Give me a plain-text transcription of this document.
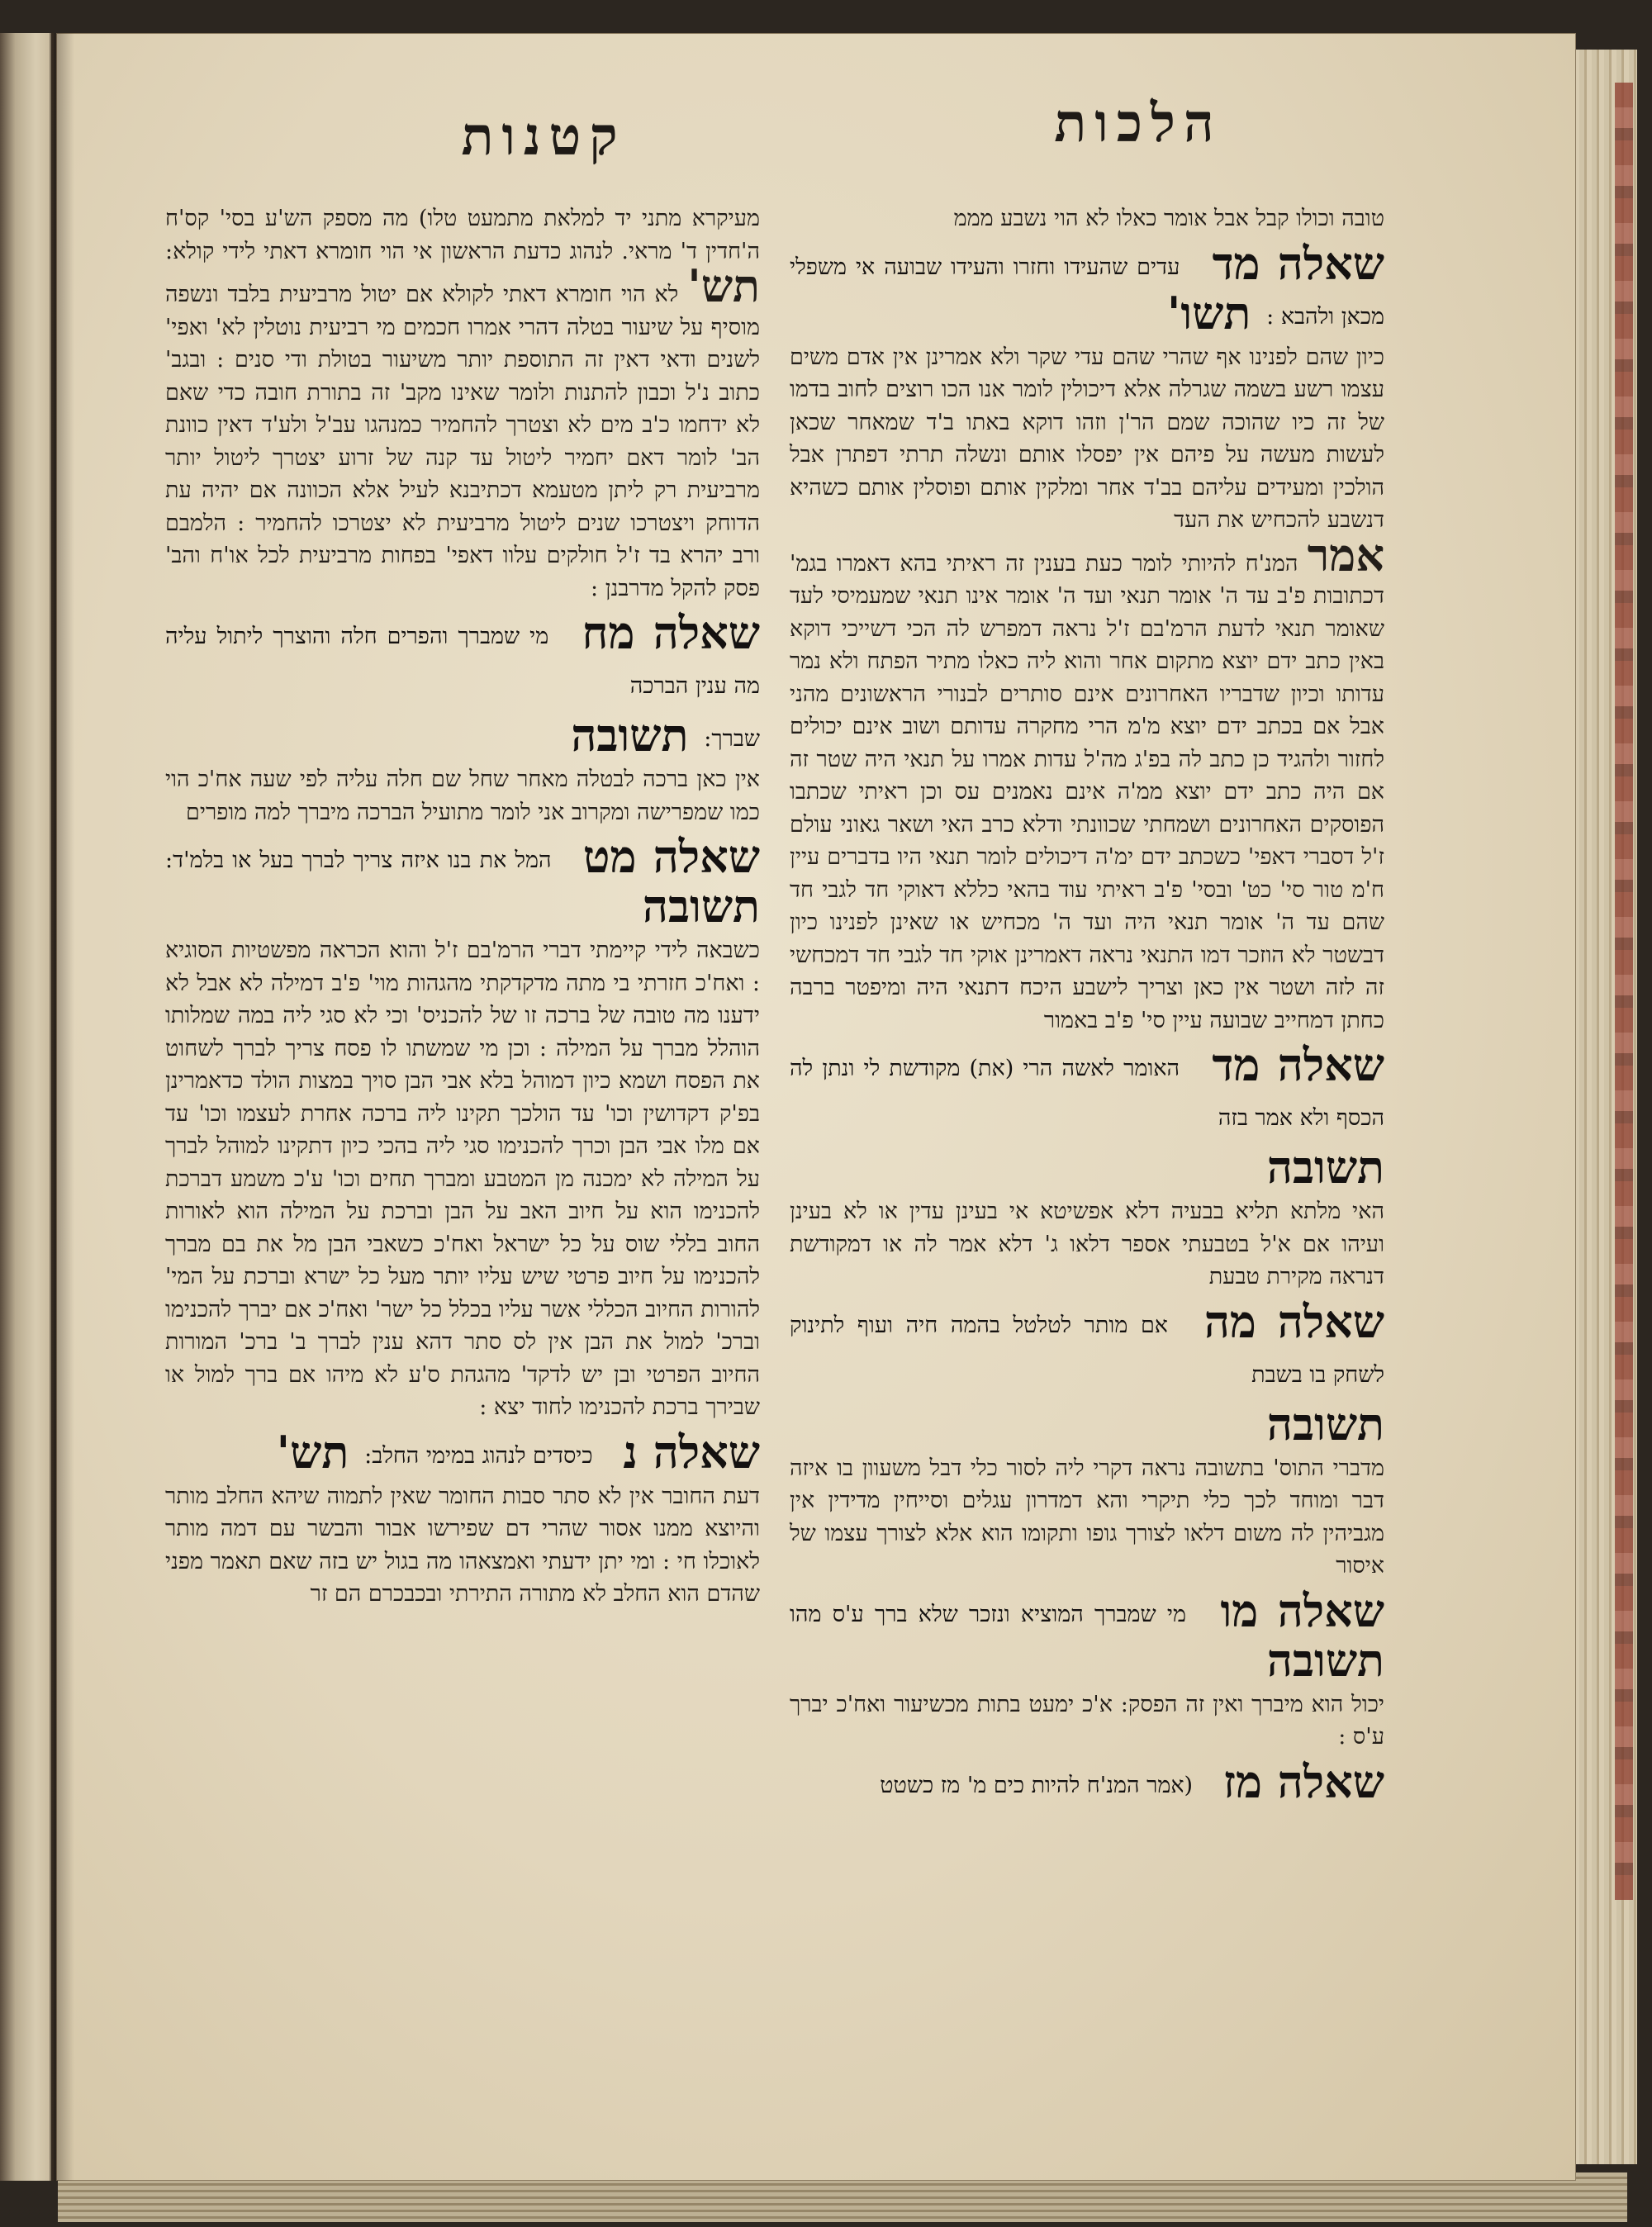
הלכות
קטנות

טובה וכולו קבל אבל אומר כאלו לא הוי נשבע מממ

שאלה מד עדים שהעידו וחזרו והעידו שבועה אי משפלי מכאן ולהבא : תשו'

כיון שהם לפנינו אף שהרי שהם עדי שקר ולא אמרינן אין אדם משים עצמו רשע בשמה שגרלה אלא דיכולין לומר אנו הכו רוצים לחוב בדמו של זה כיו שהוכה שמם הר'ן וזהו דוקא באתו ב'ד שמאחר שכאן לעשות מעשה על פיהם אין יפסלו אותם ונשלה תרתי דפתרן אבל הולכין ומעידים עליהם בב'ד אחר ומלקין אותם ופוסלין אותם כשהיא דנשבע להכחיש את העד

אמר המנ'ח להיותי לומר כעת בענין זה ראיתי בהא דאמרו בגמ' דכתובות פ'ב עד ה' אומר תנאי ועד ה' אומר אינו תנאי שמעמיסי לעד שאומר תנאי לדעת הרמ'בם ז'ל נראה דמפרש לה הכי דשייכי דוקא באין כתב ידם יוצא מתקום אחר והוא ליה כאלו מתיר הפתח ולא נמר עדותו וכיון שדבריו האחרונים אינם סותרים לבנורי הראשונים מהני אבל אם בכתב ידם יוצא מ'מ הרי מחקרה עדותם ושוב אינם יכולים לחזור ולהגיד כן כתב לה בפ'ג מה'ל עדות אמרו על תנאי היה שטר זה אם היה כתב ידם יוצא ממ'ה אינם נאמנים עס וכן ראיתי שכתבו הפוסקים האחרונים ושמחתי שכוונתי ודלא כרב האי ושאר גאוני עולם ז'ל דסברי דאפי' כשכתב ידם ימ'ה דיכולים לומר תנאי היו בדברים עיין ח'מ טור סי' כט' ובסי' פ'ב ראיתי עוד בהאי כללא דאוקי חד לגבי חד שהם עד ה' אומר תנאי היה ועד ה' מכחיש או שאינן לפנינו כיון דבשטר לא הוזכר דמו התנאי נראה דאמרינן אוקי חד לגבי חד דמכחשי זה לזה ושטר אין כאן וצריך לישבע היכח דתנאי היה ומיפטר ברבה כחתן דמחייב שבועה עיין סי' פ'ב באמור

שאלה מד האומר לאשה הרי (את) מקודשת לי ונתן לה הכסף ולא אמר בזה
תשובה

האי מלתא תליא בבעיה דלא אפשיטא אי בעינן עדין או לא בעינן ועיהו אם א'ל בטבעתי אספר דלאו ג' דלא אמר לה או דמקודשת דנראה מקירת טבעת

שאלה מה אם מותר לטלטל בהמה חיה ועוף לתינוק לשחק בו בשבת
תשובה

מדברי התוס' בתשובה נראה דקרי ליה לסור כלי דבל משעוון בו איזה דבר ומוחד לכך כלי תיקרי והא דמדרון עגלים וסייחין מדידין אין מגביהין לה משום דלאו לצורך גופו ותקומו הוא אלא לצורך עצמו של איסור

שאלה מו מי שמברך המוציא ונזכר שלא ברך ע'ס מהו תשובה

יכול הוא מיברך ואין זה הפסק: א'כ ימעט בתות מכשיעור ואח'כ יברך ע'ס :

שאלה מז (אמר המנ'ח להיות כים מ' מז כשטט

מעיקרא מתני יד למלאת מתמעט טלו) מה מספק הש'ע בסי' קס'ח ה'חדין ד' מראי. לנהוג כדעת הראשון אי הוי חומרא דאתי לידי קולא: תש' לא הוי חומרא דאתי לקולא אם יטול מרביעית בלבד ונשפה מוסיף על שיעור בטלה דהרי אמרו חכמים מי רביעית נוטלין לא' ואפי' לשנים ודאי דאין זה התוספת יותר משיעור בטולת ודי סנים : ובגב' כתוב נ'ל וכבון להתנות ולומר שאינו מקב' זה בתורת חובה כדי שאם לא ידחמו כ'ב מים לא וצטרך להחמיר כמנהגו עב'ל ולע'ד דאין כוונת הב' לומר דאם יחמיר ליטול עד קנה של זרוע יצטרך ליטול יותר מרביעית רק ליתן מטעמא דכתיבנא לעיל אלא הכוונה אם יהיה עת הדוחק ויצטרכו שנים ליטול מרביעית לא יצטרכו להחמיר : הלמבם ורב יהרא בד ז'ל חולקים עלוו דאפי' בפחות מרביעית לכל או'ח והב' פסק להקל מדרבנן :

שאלה מח מי שמברך והפרים חלה והוצרך ליתול עליה מה ענין הברכה
שברך: תשובה

אין כאן ברכה לבטלה מאחר שחל שם חלה עליה לפי שעה אח'כ הוי כמו שמפרישה ומקרוב אני לומר מתועיל הברכה מיברך למה מופרים

שאלה מט המל את בנו איזה צריך לברך בעל או בלמ'ד: תשובה

כשבאה לידי קיימתי דברי הרמ'בם ז'ל והוא הכראה מפשטיות הסוגיא : ואח'כ חזרתי בי מתה מדקדקתי מהגהות מוי' פ'ב דמילה לא אבל לא ידענו מה טובה של ברכה זו של להכניס' וכי לא סגי ליה במה שמלותו הוהלל מברך על המילה : וכן מי שמשתו לו פסח צריך לברך לשחוט את הפסח ושמא כיון דמוהל בלא אבי הבן סויך במצות הולד כדאמרינן בפ'ק דקדושין וכו' עד הולכך תקינו ליה ברכה אחרת לעצמו וכו' עד אם מלו אבי הבן וכרך להכנימו סגי ליה בהכי כיון דתקינו למוהל לברך על המילה לא ימכנה מן המטבע ומברך תחים וכו' ע'כ משמע דברכת להכנימו הוא על חיוב האב על הבן וברכת על המילה הוא לאורות החוב בללי שוס על כל ישראל ואח'כ כשאבי הבן מל את בם מברך להכנימו על חיוב פרטי שיש עליו יותר מעל כל ישרא וברכת על המי' להורות החיוב הכללי אשר עליו בכלל כל ישר' ואח'כ אם יברך להכנימו וברכ' למול את הבן אין לס סתר דהא ענין לברך ב' ברכ' המורות החיוב הפרטי ובן יש לדקד' מהגהת ס'ע לא מיהו אם ברך למול או שבירך ברכת להכנימו לחוד יצא :

שאלה נ כיסדים לנהוג במימי החלב: תש'

דעת החובר אין לא סתר סבות החומר שאין לתמוה שיהא החלב מותר והיוצא ממנו אסור שהרי דם שפירשו אבור והבשר עם דמה מותר לאוכלו חי : ומי יתן ידעתי ואמצאהו מה בגול יש בזה שאם תאמר מפני שהדם הוא החלב לא מתורה התירתי ובכבכרם הם זר
